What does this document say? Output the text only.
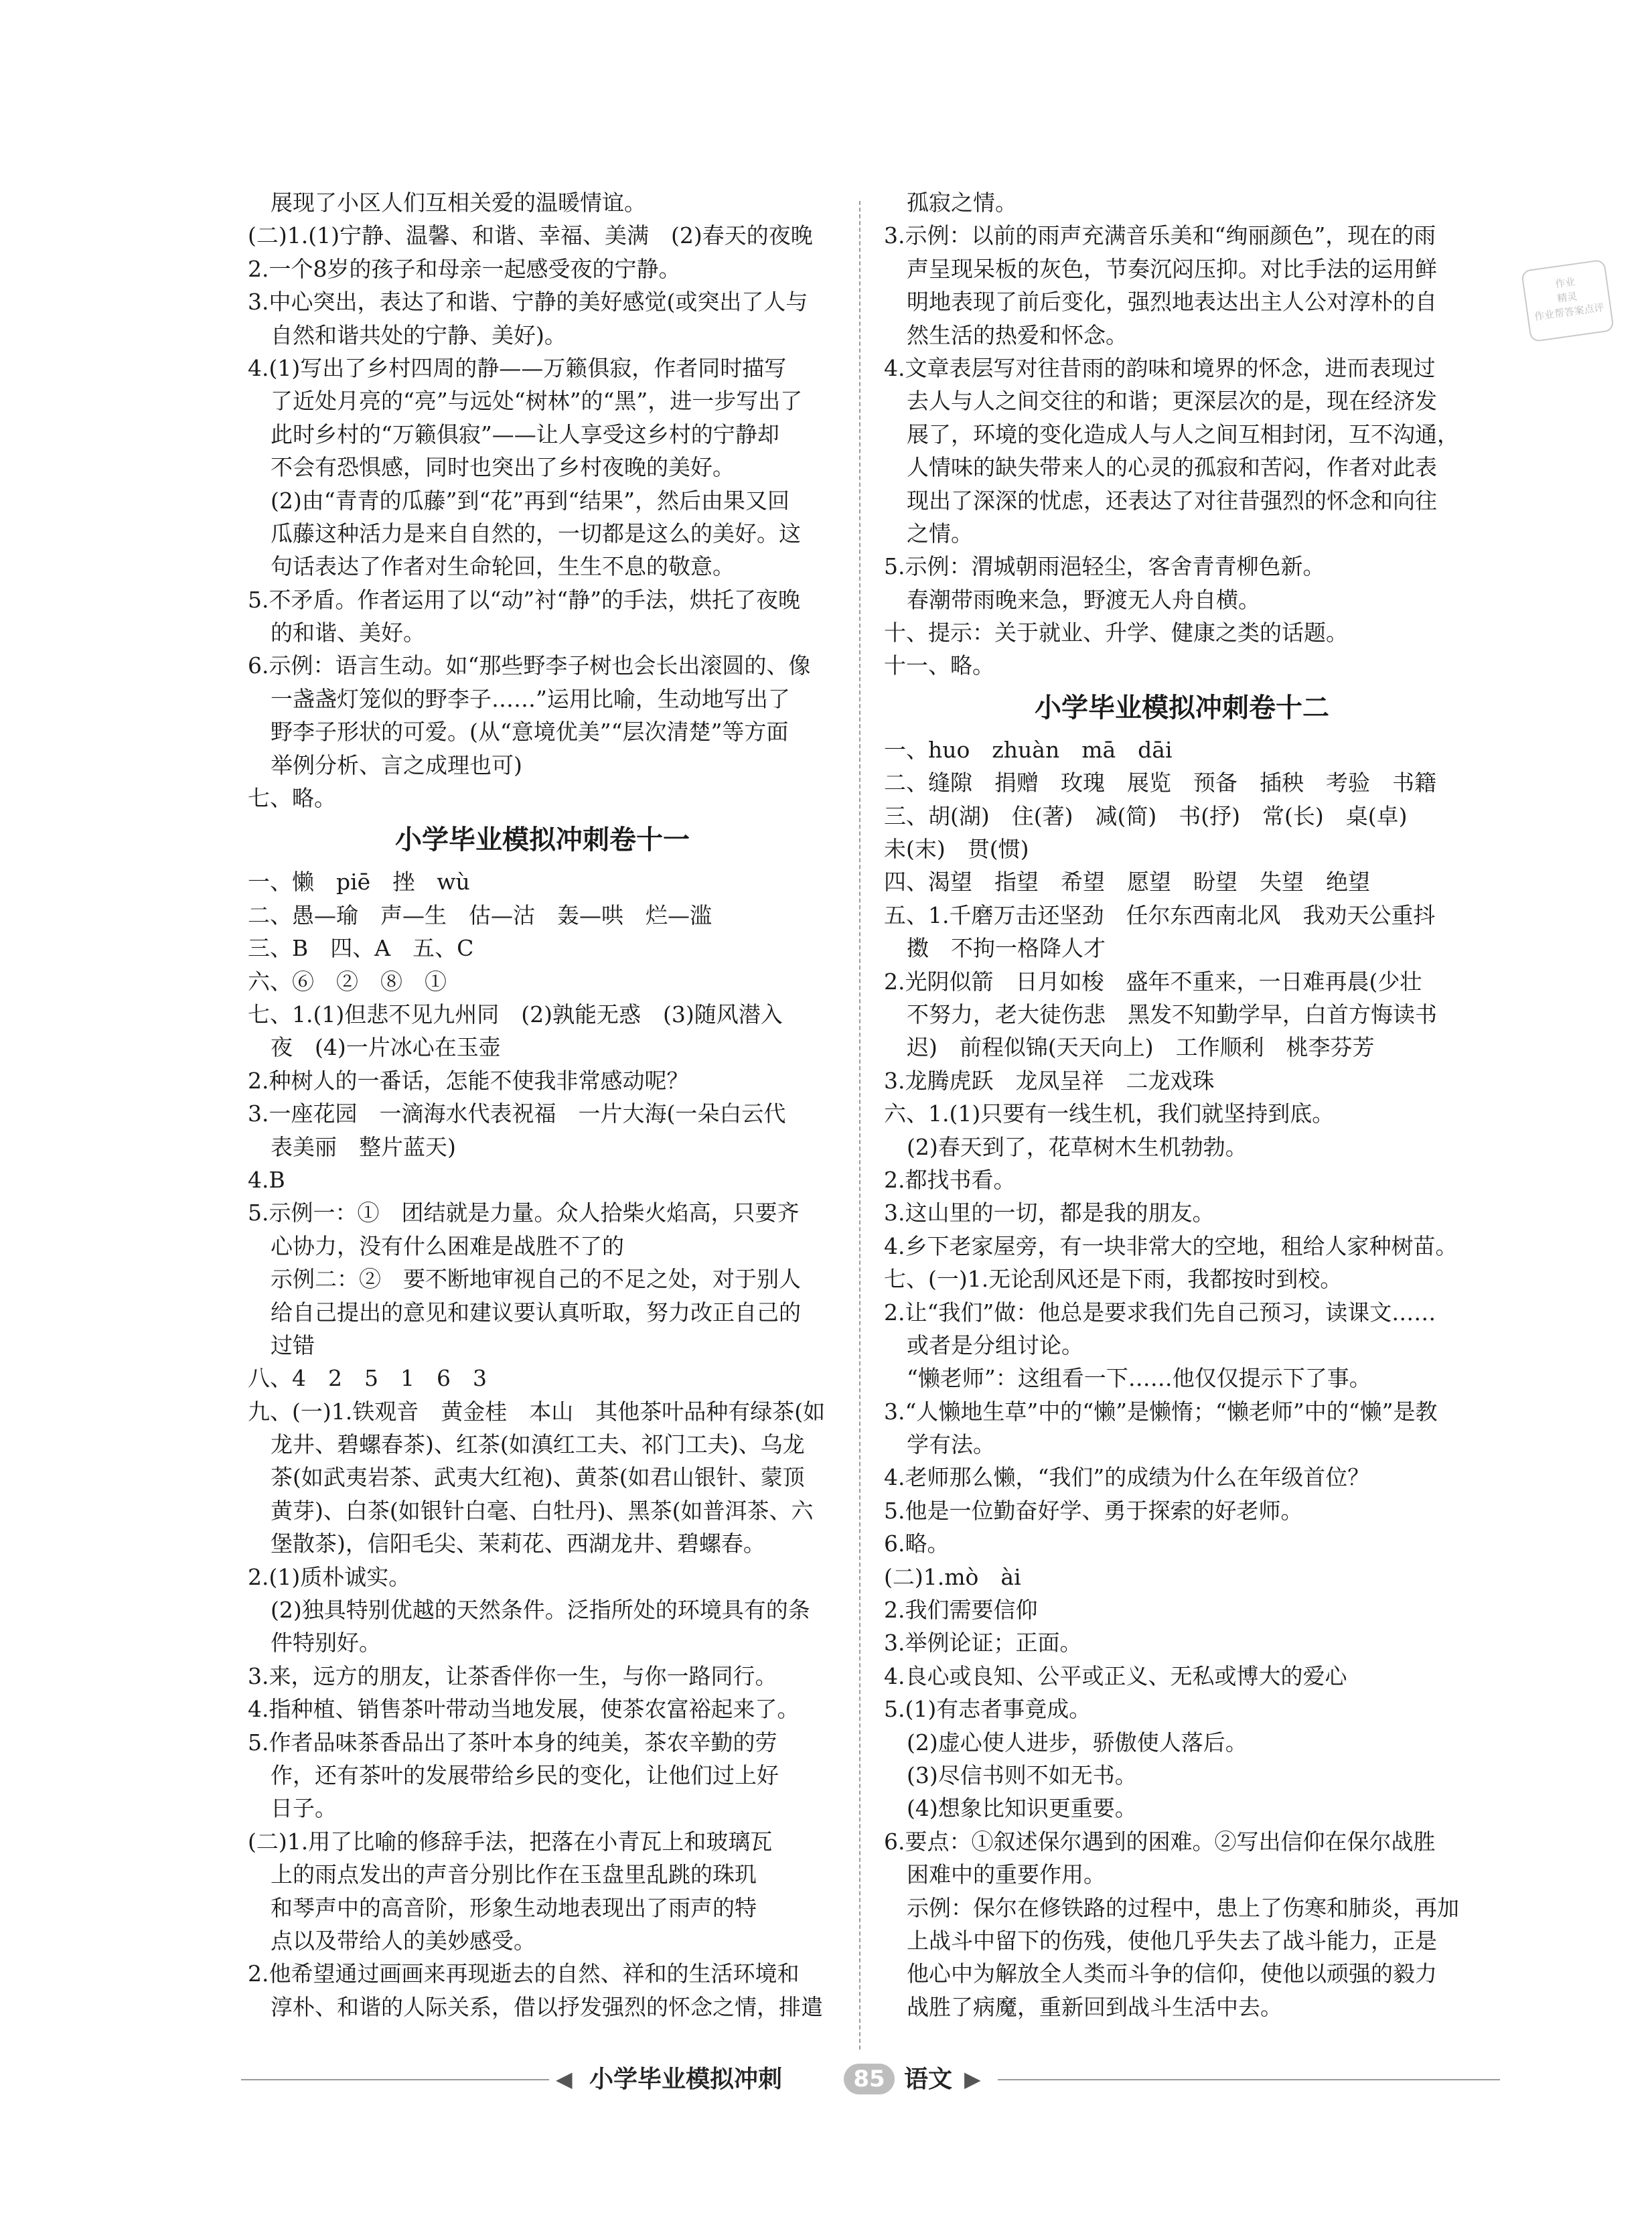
展现了小区人们互相关爱的温暖情谊。
(二)1.(1)宁静、温馨、和谐、幸福、美满　(2)春天的夜晚
2.一个8岁的孩子和母亲一起感受夜的宁静。
3.中心突出，表达了和谐、宁静的美好感觉(或突出了人与
自然和谐共处的宁静、美好)。
4.(1)写出了乡村四周的静——万籁俱寂，作者同时描写
了近处月亮的“亮”与远处“树林”的“黑”，进一步写出了
此时乡村的“万籁俱寂”——让人享受这乡村的宁静却
不会有恐惧感，同时也突出了乡村夜晚的美好。
(2)由“青青的瓜藤”到“花”再到“结果”，然后由果又回
瓜藤这种活力是来自自然的，一切都是这么的美好。这
句话表达了作者对生命轮回，生生不息的敬意。
5.不矛盾。作者运用了以“动”衬“静”的手法，烘托了夜晚
的和谐、美好。
6.示例：语言生动。如“那些野李子树也会长出滚圆的、像
一盏盏灯笼似的野李子……”运用比喻，生动地写出了
野李子形状的可爱。(从“意境优美”“层次清楚”等方面
举例分析、言之成理也可)
七、略。
小学毕业模拟冲刺卷十一
一、懒　piē　挫　wù
二、愚—瑜　声—生　估—沽　轰—哄　烂—滥
三、B　四、A　五、C
六、⑥　②　⑧　①
七、1.(1)但悲不见九州同　(2)孰能无惑　(3)随风潜入
夜　(4)一片冰心在玉壶
2.种树人的一番话，怎能不使我非常感动呢？
3.一座花园　一滴海水代表祝福　一片大海(一朵白云代
表美丽　整片蓝天)
4.B
5.示例一：①　团结就是力量。众人拾柴火焰高，只要齐
心协力，没有什么困难是战胜不了的
示例二：②　要不断地审视自己的不足之处，对于别人
给自己提出的意见和建议要认真听取，努力改正自己的
过错
八、4　2　5　1　6　3
九、(一)1.铁观音　黄金桂　本山　其他茶叶品种有绿茶(如
龙井、碧螺春茶)、红茶(如滇红工夫、祁门工夫)、乌龙
茶(如武夷岩茶、武夷大红袍)、黄茶(如君山银针、蒙顶
黄芽)、白茶(如银针白毫、白牡丹)、黑茶(如普洱茶、六
堡散茶)，信阳毛尖、茉莉花、西湖龙井、碧螺春。
2.(1)质朴诚实。
(2)独具特别优越的天然条件。泛指所处的环境具有的条
件特别好。
3.来，远方的朋友，让茶香伴你一生，与你一路同行。
4.指种植、销售茶叶带动当地发展，使茶农富裕起来了。
5.作者品味茶香品出了茶叶本身的纯美，茶农辛勤的劳
作，还有茶叶的发展带给乡民的变化，让他们过上好
日子。
(二)1.用了比喻的修辞手法，把落在小青瓦上和玻璃瓦
上的雨点发出的声音分别比作在玉盘里乱跳的珠玑
和琴声中的高音阶，形象生动地表现出了雨声的特
点以及带给人的美妙感受。
2.他希望通过画画来再现逝去的自然、祥和的生活环境和
淳朴、和谐的人际关系，借以抒发强烈的怀念之情，排遣
孤寂之情。
3.示例：以前的雨声充满音乐美和“绚丽颜色”，现在的雨
声呈现呆板的灰色，节奏沉闷压抑。对比手法的运用鲜
明地表现了前后变化，强烈地表达出主人公对淳朴的自
然生活的热爱和怀念。
4.文章表层写对往昔雨的韵味和境界的怀念，进而表现过
去人与人之间交往的和谐；更深层次的是，现在经济发
展了，环境的变化造成人与人之间互相封闭，互不沟通，
人情味的缺失带来人的心灵的孤寂和苦闷，作者对此表
现出了深深的忧虑，还表达了对往昔强烈的怀念和向往
之情。
5.示例：渭城朝雨浥轻尘，客舍青青柳色新。
春潮带雨晚来急，野渡无人舟自横。
十、提示：关于就业、升学、健康之类的话题。
十一、略。
小学毕业模拟冲刺卷十二
一、huo　zhuàn　mā　dāi
二、缝隙　捐赠　玫瑰　展览　预备　插秧　考验　书籍
三、胡(湖)　住(著)　减(简)　书(抒)　常(长)　桌(卓)
未(末)　贯(惯)
四、渴望　指望　希望　愿望　盼望　失望　绝望
五、1.千磨万击还坚劲　任尔东西南北风　我劝天公重抖
擞　不拘一格降人才
2.光阴似箭　日月如梭　盛年不重来，一日难再晨(少壮
不努力，老大徒伤悲　黑发不知勤学早，白首方悔读书
迟)　前程似锦(天天向上)　工作顺利　桃李芬芳
3.龙腾虎跃　龙凤呈祥　二龙戏珠
六、1.(1)只要有一线生机，我们就坚持到底。
(2)春天到了，花草树木生机勃勃。
2.都找书看。
3.这山里的一切，都是我的朋友。
4.乡下老家屋旁，有一块非常大的空地，租给人家种树苗。
七、(一)1.无论刮风还是下雨，我都按时到校。
2.让“我们”做：他总是要求我们先自己预习，读课文……
或者是分组讨论。
“懒老师”：这组看一下……他仅仅提示下了事。
3.“人懒地生草”中的“懒”是懒惰；“懒老师”中的“懒”是教
学有法。
4.老师那么懒，“我们”的成绩为什么在年级首位？
5.他是一位勤奋好学、勇于探索的好老师。
6.略。
(二)1.mò　ài
2.我们需要信仰
3.举例论证；正面。
4.良心或良知、公平或正义、无私或博大的爱心
5.(1)有志者事竟成。
(2)虚心使人进步，骄傲使人落后。
(3)尽信书则不如无书。
(4)想象比知识更重要。
6.要点：①叙述保尔遇到的困难。②写出信仰在保尔战胜
困难中的重要作用。
示例：保尔在修铁路的过程中，患上了伤寒和肺炎，再加
上战斗中留下的伤残，使他几乎失去了战斗能力，正是
他心中为解放全人类而斗争的信仰，使他以顽强的毅力
战胜了病魔，重新回到战斗生活中去。
作业
精灵
作业帮答案点评
◀ 小学毕业模拟冲刺	85 语文 ▶
